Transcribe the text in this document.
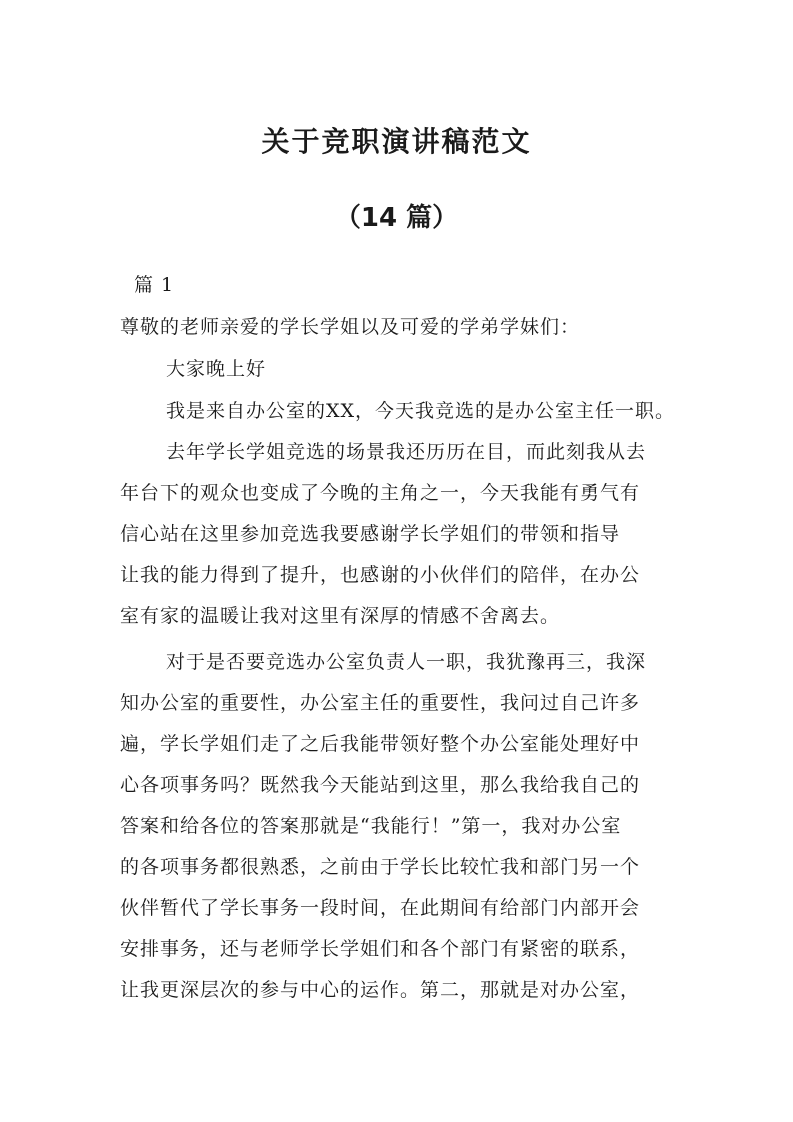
关于竞职演讲稿范文
（14 篇）
篇 1
尊敬的老师亲爱的学长学姐以及可爱的学弟学妹们：
大家晚上好
我是来自办公室的XX，今天我竞选的是办公室主任一职。
去年学长学姐竞选的场景我还历历在目，而此刻我从去
年台下的观众也变成了今晚的主角之一，今天我能有勇气有
信心站在这里参加竞选我要感谢学长学姐们的带领和指导
让我的能力得到了提升，也感谢的小伙伴们的陪伴，在办公
室有家的温暖让我对这里有深厚的情感不舍离去。
对于是否要竞选办公室负责人一职，我犹豫再三，我深
知办公室的重要性，办公室主任的重要性，我问过自己许多
遍，学长学姐们走了之后我能带领好整个办公室能处理好中
心各项事务吗？既然我今天能站到这里，那么我给我自己的
答案和给各位的答案那就是“我能行！”第一，我对办公室
的各项事务都很熟悉，之前由于学长比较忙我和部门另一个
伙伴暂代了学长事务一段时间，在此期间有给部门内部开会
安排事务，还与老师学长学姐们和各个部门有紧密的联系，
让我更深层次的参与中心的运作。第二，那就是对办公室，
